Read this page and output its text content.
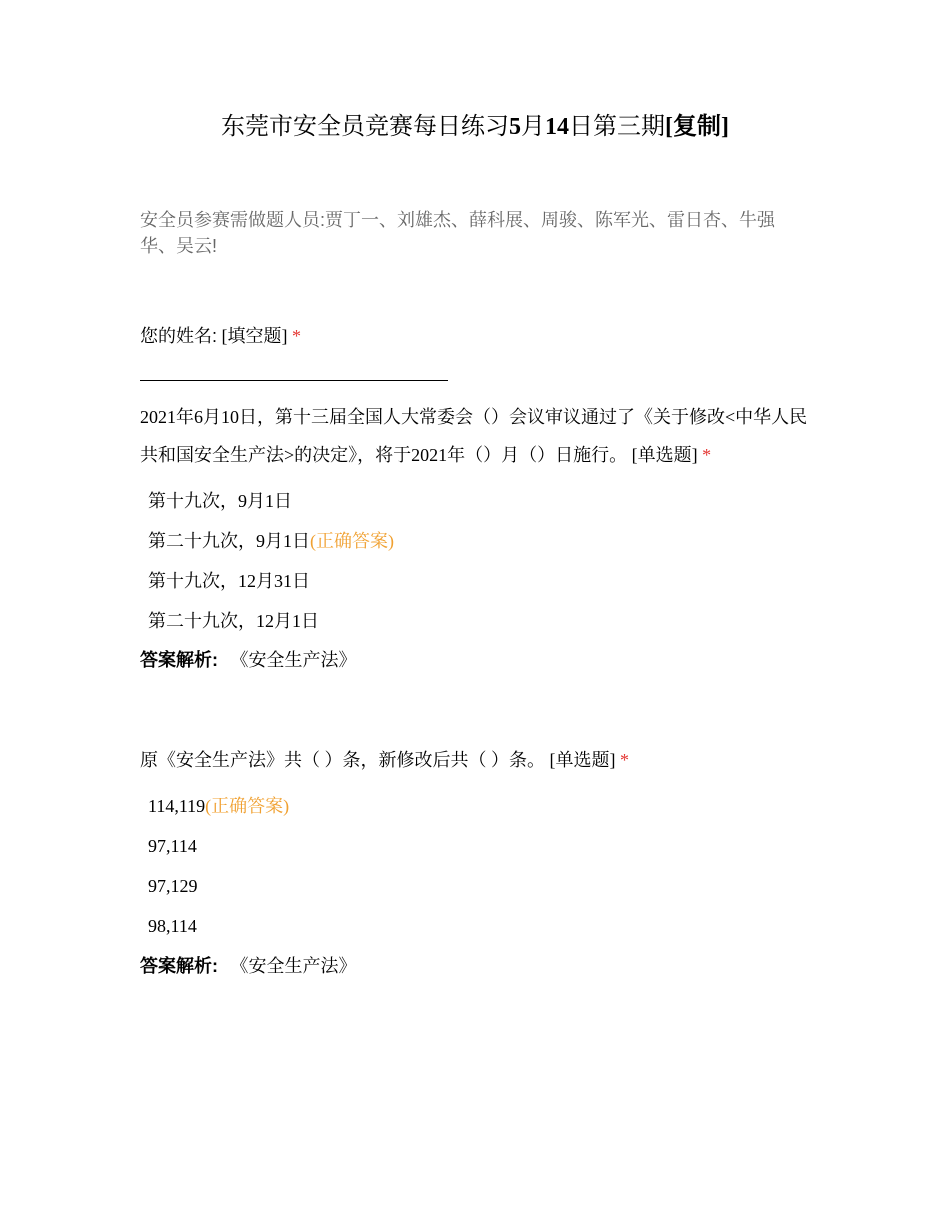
东莞市安全员竞赛每日练习5月14日第三期[复制]
安全员参赛需做题人员:贾丁一、刘雄杰、薛科展、周骏、陈军光、雷日杏、牛强华、吴云!
您的姓名: [填空题] *
2021年6月10日，第十三届全国人大常委会（）会议审议通过了《关于修改<中华人民共和国安全生产法>的决定》，将于2021年（）月（）日施行。 [单选题] *
第十九次，9月1日
第二十九次，9月1日(正确答案)
第十九次，12月31日
第二十九次，12月1日
答案解析: 《安全生产法》
原《安全生产法》共（ ）条，新修改后共（ ）条。 [单选题] *
114,119(正确答案)
97,114
97,129
98,114
答案解析: 《安全生产法》
